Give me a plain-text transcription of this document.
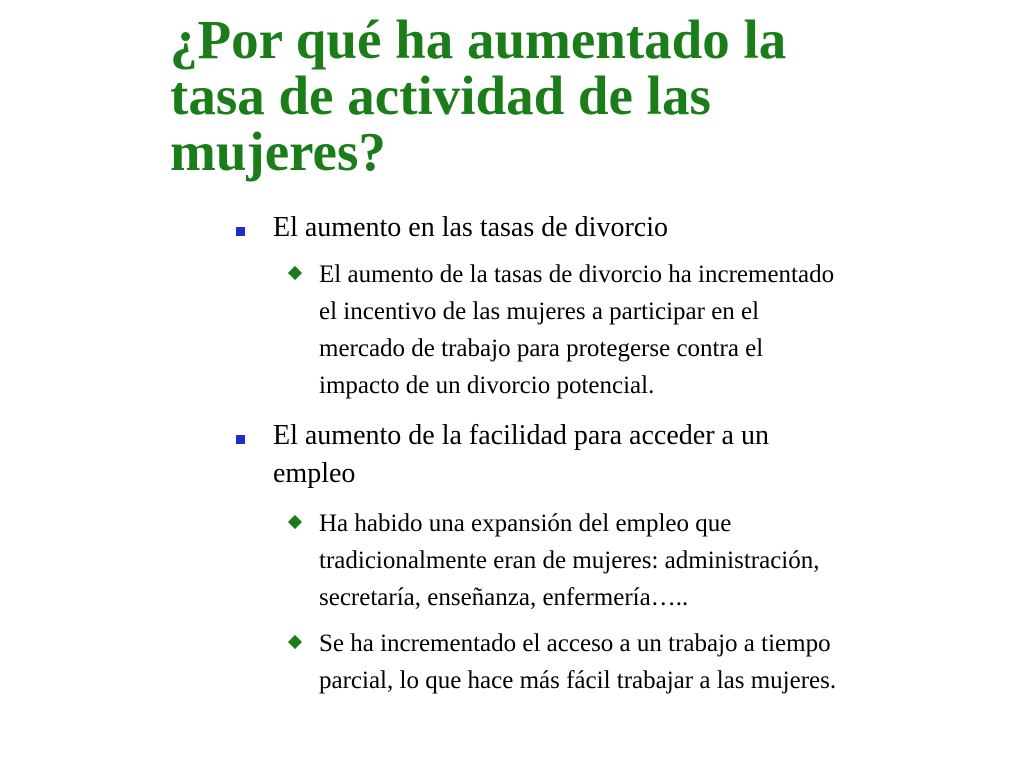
¿Por qué ha aumentado la
tasa de actividad de las
mujeres?
El aumento en las tasas de divorcio
El aumento de la tasas de divorcio ha incrementado
el incentivo de las mujeres a participar en el
mercado de trabajo para protegerse contra el
impacto de un divorcio potencial.
El aumento de la facilidad para acceder a un
empleo
Ha habido una expansión del empleo que
tradicionalmente eran de mujeres: administración,
secretaría, enseñanza, enfermería…..
Se ha incrementado el acceso a un trabajo a tiempo
parcial, lo que hace más fácil trabajar a las mujeres.
